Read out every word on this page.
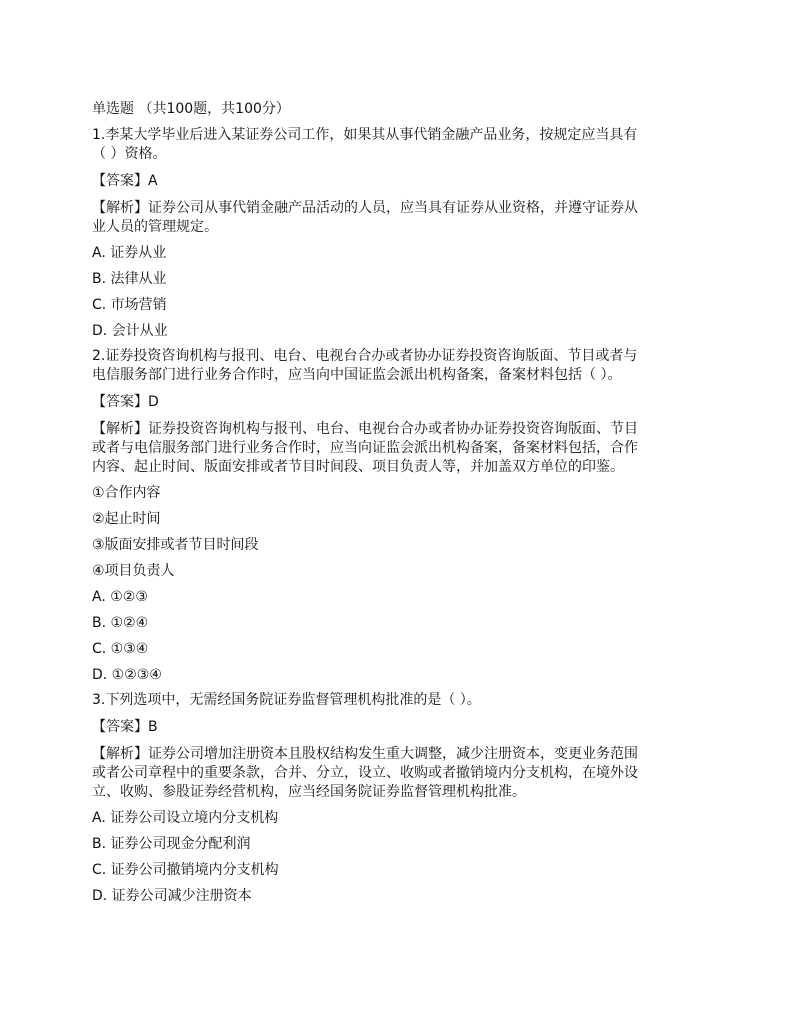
单选题 （共100题，共100分）
1.李某大学毕业后进入某证券公司工作，如果其从事代销金融产品业务，按规定应当具有
（ ）资格。
【答案】A
【解析】证券公司从事代销金融产品活动的人员，应当具有证券从业资格，并遵守证券从
业人员的管理规定。
A. 证券从业
B. 法律从业
C. 市场营销
D. 会计从业
2.证券投资咨询机构与报刊、电台、电视台合办或者协办证券投资咨询版面、节目或者与
电信服务部门进行业务合作时，应当向中国证监会派出机构备案，备案材料包括（ ）。
【答案】D
【解析】证券投资咨询机构与报刊、电台、电视台合办或者协办证券投资咨询版面、节目
或者与电信服务部门进行业务合作时，应当向证监会派出机构备案，备案材料包括，合作
内容、起止时间、版面安排或者节目时间段、项目负责人等，并加盖双方单位的印鉴。
①合作内容
②起止时间
③版面安排或者节目时间段
④项目负责人
A. ①②③
B. ①②④
C. ①③④
D. ①②③④
3.下列选项中，无需经国务院证券监督管理机构批准的是（ ）。
【答案】B
【解析】证券公司增加注册资本且股权结构发生重大调整，减少注册资本，变更业务范围
或者公司章程中的重要条款，合并、分立，设立、收购或者撤销境内分支机构，在境外设
立、收购、参股证券经营机构，应当经国务院证券监督管理机构批准。
A. 证券公司设立境内分支机构
B. 证券公司现金分配利润
C. 证券公司撤销境内分支机构
D. 证券公司减少注册资本
